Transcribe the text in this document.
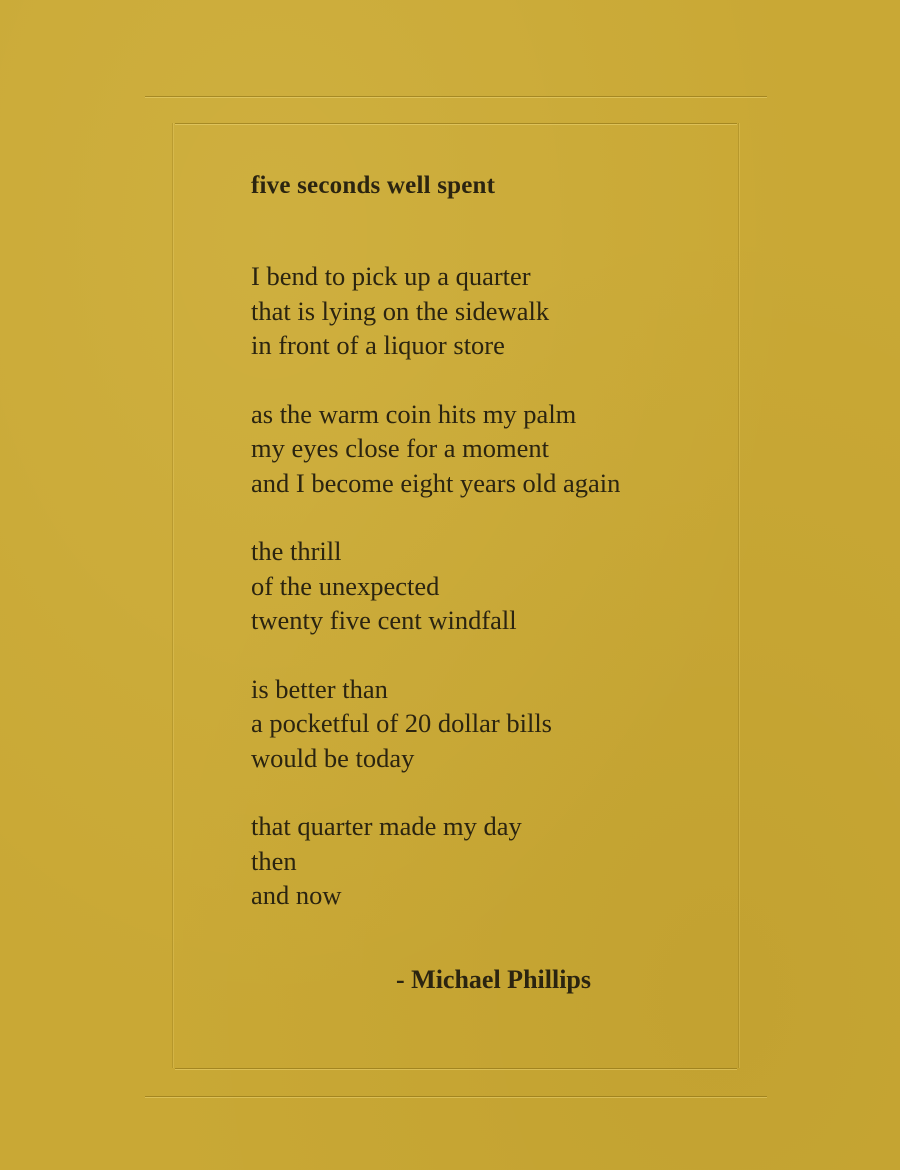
five seconds well spent
I bend to pick up a quarter
that is lying on the sidewalk
in front of a liquor store
as the warm coin hits my palm
my eyes close for a moment
and I become eight years old again
the thrill
of the unexpected
twenty five cent windfall
is better than
a pocketful of 20 dollar bills
would be today
that quarter made my day
then
and now
- Michael Phillips
